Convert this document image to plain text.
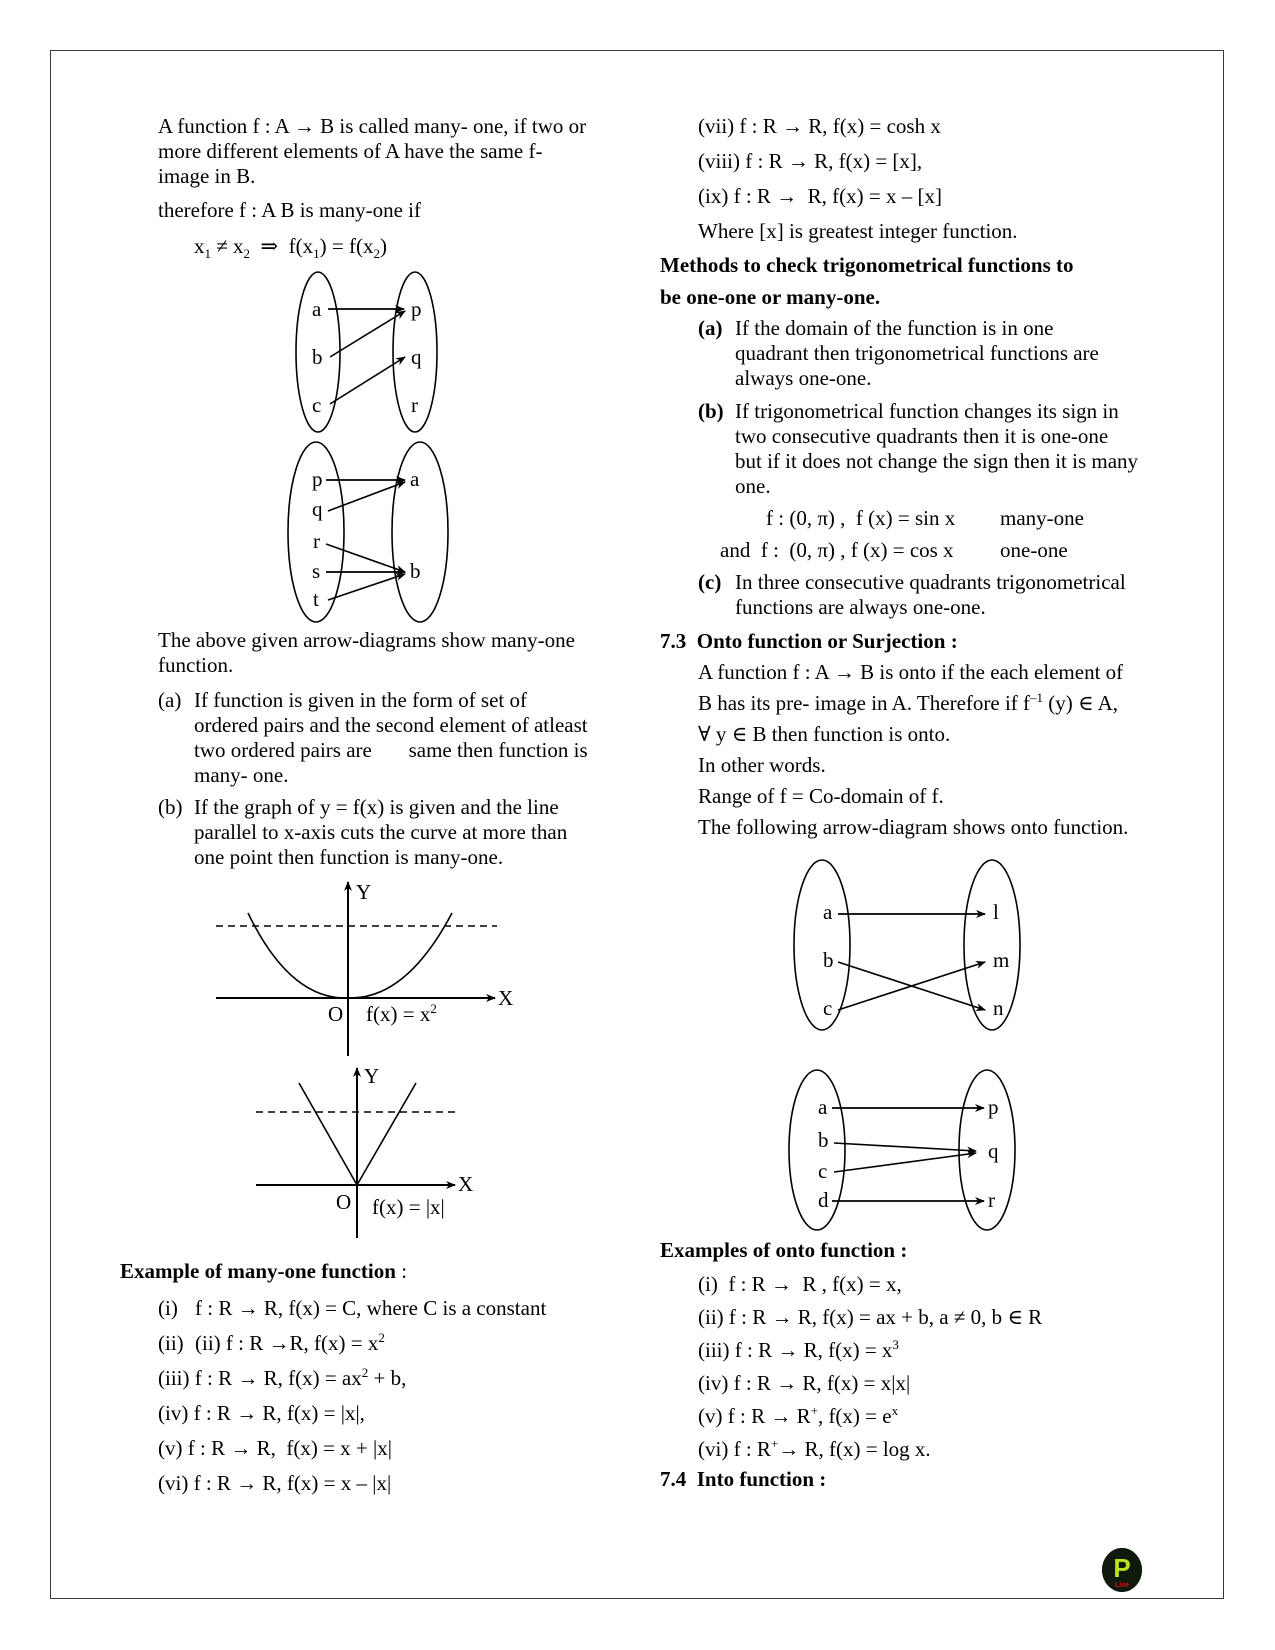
A function f : A → B is called many- one, if two or
more different elements of A have the same f-
image in B.
therefore f : A B is many-one if
$x_1 \ne x_2$  ⇒  $f(x_1) = f(x_2)$
a
b
c
p
q
r
p
q
r
s
t
a
b
The above given arrow-diagrams show many-one
function.
(a) If function is given in the form of set of
ordered pairs and the second element of atleast
two ordered pairs are       same then function is
many- one.
(b) If the graph of y = f(x) is given and the line
parallel to x-axis cuts the curve at more than
one point then function is many-one.
Y
X
O $f(x) = x^2$
Y
X
O f(x) = |x|
Example of many-one function :
(i) f : R → R, f(x) = C, where C is a constant
(ii) (ii) f : R →R, $f(x) = x^2$
(iii) f : R → R, $f(x) = ax^2 + b$,
(iv) f : R → R, f(x) = |x|,
(v) f : R → R,  f(x) = x + |x|
(vi) f : R → R, f(x) = x – |x|
(vii) f : R → R, f(x) = cosh x
(viii) f : R → R, f(x) = [x],
(ix) f : R →  R, f(x) = x – [x]
Where [x] is greatest integer function.
Methods to check trigonometrical functions to
be one-one or many-one.
(a) If the domain of the function is in one
quadrant then trigonometrical functions are
always one-one.
(b) If trigonometrical function changes its sign in
two consecutive quadrants then it is one-one
but if it does not change the sign then it is many
one.
f : (0, π) ,  f (x) = sin x many-one
and f :  (0, π) , f (x) = cos x one-one
(c) In three consecutive quadrants trigonometrical
functions are always one-one.
7.3 Onto function or Surjection :
A function f : A → B is onto if the each element of
B has its pre- image in A. Therefore if $f^{-1}$ (y) ∈ A,
∀ y ∈ B then function is onto.
In other words.
Range of f = Co-domain of f.
The following arrow-diagram shows onto function.
a
b
c
l
m
n
a
b
c
d
p
q
r
Examples of onto function :
(i) f : R →  R , f(x) = x,
(ii) f : R → R, f(x) = ax + b, a ≠ 0, b ∈ R
(iii) f : R → R, $f(x) = x^3$
(iv) f : R → R, f(x) = x|x|
(v) f : R → R+, $f(x) = e^x$
(vi) f : R+→ R, f(x) = log x.
7.4 Into function :
P
Live
